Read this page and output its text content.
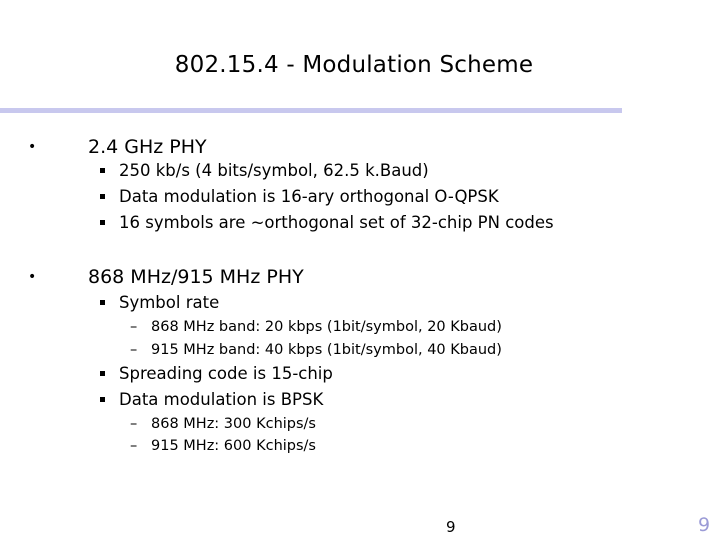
802.15.4 - Modulation Scheme
•	2.4 GHz PHY
250 kb/s (4 bits/symbol, 62.5 k.Baud)
Data modulation is 16-ary orthogonal O-QPSK
16 symbols are ~orthogonal set of 32-chip PN codes
•	868 MHz/915 MHz PHY
Symbol rate
– 868 MHz band: 20 kbps (1bit/symbol, 20 Kbaud)
– 915 MHz band: 40 kbps (1bit/symbol, 40 Kbaud)
Spreading code is 15-chip
Data modulation is BPSK
– 868 MHz: 300 Kchips/s
– 915 MHz: 600 Kchips/s
9	9
